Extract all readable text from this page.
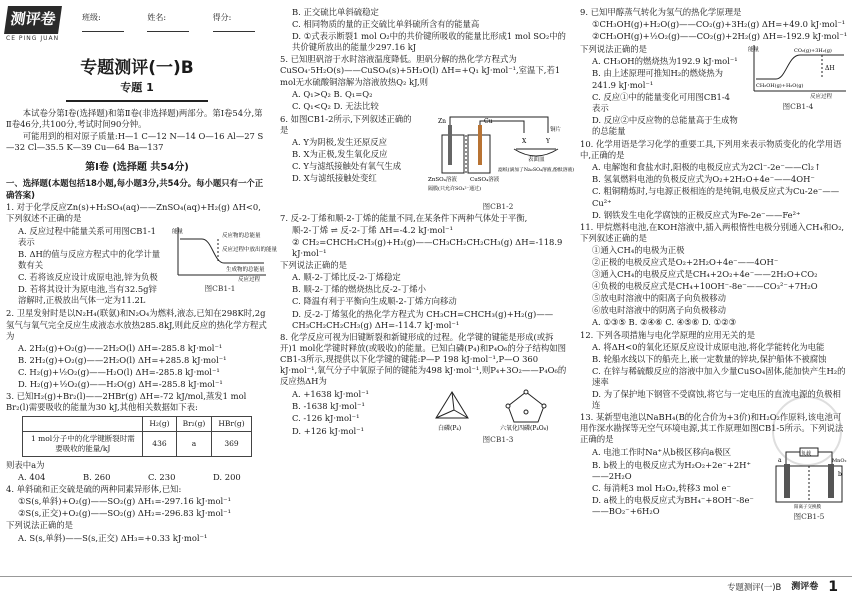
测评卷
CE PING JUAN
班级:	姓名:	得分:
专题测评(一)B
专题 1

本试卷分第Ⅰ卷(选择题)和第Ⅱ卷(非选择题)两部分。第Ⅰ卷54分,第Ⅱ卷46分,共100分,考试时间90分钟。

可能用到的相对原子质量:H—1 C—12 N—14 O—16 Al—27 S—32 Cl—35.5 K—39 Cu—64 Ba—137

第Ⅰ卷 (选择题 共54分)

一、选择题(本题包括18小题,每小题3分,共54分。每小题只有一个正确答案)

1. 对于化学反应Zn(s)+H₂SO₄(aq)——ZnSO₄(aq)+H₂(g) ΔH<0,下列叙述不正确的是

A. 反应过程中能量关系可用图CB1-1表示

B. ΔH的值与反应方程式中的化学计量数有关

C. 若将该反应设计成原电池,锌为负极

D. 若将其设计为原电池,当有32.5g锌溶解时,正极放出气体一定为11.2L

反应物的总能量
反应过程中放出的能量
生成物的总能量
能量
反应过程
图CB1-1

2. 卫星发射时是以N₂H₄(联氨)和N₂O₄为燃料,液态,已知在298K时,2g氢气与氧气完全反应生成液态水放热285.8kJ,则此反应的热化学方程式为

A. 2H₂(g)+O₂(g)——2H₂O(l) ΔH=-285.8 kJ·mol⁻¹

B. 2H₂(g)+O₂(g)——2H₂O(l) ΔH=+285.8 kJ·mol⁻¹

C. H₂(g)+½O₂(g)——H₂O(l) ΔH=-285.8 kJ·mol⁻¹

D. H₂(g)+½O₂(g)——H₂O(g) ΔH=-285.8 kJ·mol⁻¹

3. 已知H₂(g)+Br₂(l)——2HBr(g) ΔH=-72 kJ/mol,蒸发1 mol Br₂(l)需要吸收的能量为30 kJ,其他相关数据如下表:

	H₂(g)	Br₂(g)	HBr(g)
1 mol分子中的化学键断裂时需要吸收的能量/kJ	436	a	369

则表中a为

A. 404	B. 260	C. 230	D. 200

4. 单斜硫和正交硫是硫的两种同素异形体,已知:

①S(s,单斜)+O₂(g)——SO₂(g) ΔH₁=-297.16 kJ·mol⁻¹

②S(s,正交)+O₂(g)——SO₂(g) ΔH₂=-296.83 kJ·mol⁻¹

下列说法正确的是

A. S(s,单斜)——S(s,正交) ΔH₃=+0.33 kJ·mol⁻¹

B. 正交硫比单斜硫稳定

C. 相同物质的量的正交硫比单斜硫所含有的能量高

D. ①式表示断裂1 mol O₂中的共价键所吸收的能量比形成1 mol SO₂中的共价键所放出的能量少297.16 kJ

5. 已知胆矾溶于水时溶液温度降低。胆矾分解的热化学方程式为CuSO₄·5H₂O(s)——CuSO₄(s)+5H₂O(l) ΔH=+Q₁ kJ·mol⁻¹,室温下,若1 mol无水硫酸铜溶解为溶液放热Q₂ kJ,则

A. Q₁>Q₂ B. Q₁=Q₂

C. Q₁<Q₂ D. 无法比较

6. 如图CB1-2所示,下列叙述正确的是

A. Y为阴极,发生还原反应

B. X为正极,发生氧化反应

C. Y与滤纸接触处有氧气生成

D. X与滤纸接触处变红

X	Y
铜片
表面皿
Zn	Cu
ZnSO₄溶液 CuSO₄溶液
隔膜(只允许SO₄²⁻通过)
滤纸(滴加了Na₂SO₄溶液,酚酞溶液)
图CB1-2

7. 反-2-丁烯和顺-2-丁烯的能量不同,在某条件下两种气体处于平衡,

顺-2-丁烯 ⇌ 反-2-丁烯 ΔH=-4.2 kJ·mol⁻¹

② CH₂=CHCH₂CH₃(g)+H₂(g)——CH₃CH₂CH₂CH₃(g) ΔH=-118.9 kJ·mol⁻¹

下列说法正确的是

A. 顺-2-丁烯比反-2-丁烯稳定

B. 顺-2-丁烯的燃烧热比反-2-丁烯小

C. 降温有利于平衡向生成顺-2-丁烯方向移动

D. 反-2-丁烯氢化的热化学方程式为 CH₃CH=CHCH₃(g)+H₂(g)——CH₃CH₂CH₂CH₃(g) ΔH=-114.7 kJ·mol⁻¹

8. 化学反应可视为旧键断裂和新键形成的过程。化学键的键能是形成(或拆开)1 mol化学键时释放(或吸收)的能量。已知白磷(P₄)和P₄O₆的分子结构如图CB1-3所示,现提供以下化学键的键能:P—P 198 kJ·mol⁻¹,P—O 360 kJ·mol⁻¹,氧气分子中氧原子间的键能为498 kJ·mol⁻¹,则P₄+3O₂——P₄O₆的反应热ΔH为

A. +1638 kJ·mol⁻¹

B. -1638 kJ·mol⁻¹

C. -126 kJ·mol⁻¹

D. +126 kJ·mol⁻¹	白磷(P₄)	六氧化四磷(P₄O₆)
图CB1-3

9. 已知甲醇蒸气转化为氢气的热化学原理是

①CH₃OH(g)+H₂O(g)——CO₂(g)+3H₂(g) ΔH=+49.0 kJ·mol⁻¹

②CH₃OH(g)+½O₂(g)——CO₂(g)+2H₂(g) ΔH=-192.9 kJ·mol⁻¹

下列说法正确的是

A. CH₃OH的燃烧热为192.9 kJ·mol⁻¹

B. 由上述原理可推知H₂的燃烧热为241.9 kJ·mol⁻¹

C. 反应①中的能量变化可用图CB1-4表示

D. 反应②中反应物的总能量高于生成物的总能量

能量
反应过程
CH₃OH(g)+H₂O(g)
CO₂(g)+3H₂(g)
ΔH
图CB1-4

10. 化学用语是学习化学的重要工具,下列用来表示物质变化的化学用语中,正确的是

A. 电解饱和食盐水时,阳极的电极反应式为2Cl⁻-2e⁻——Cl₂↑

B. 氢氧燃料电池的负极反应式为O₂+2H₂O+4e⁻——4OH⁻

C. 粗铜精炼时,与电源正极相连的是纯铜,电极反应式为Cu-2e⁻——Cu²⁺

D. 钢铁发生电化学腐蚀的正极反应式为Fe-2e⁻——Fe²⁺

11. 甲烷燃料电池,在KOH溶液中,插入两根惰性电极分别通入CH₄和O₂,下列叙述正确的是

①通入CH₄的电极为正极

②正极的电极反应式是O₂+2H₂O+4e⁻——4OH⁻

③通入CH₄的电极反应式是CH₄+2O₂+4e⁻——2H₂O+CO₂

④负极的电极反应式是CH₄+10OH⁻-8e⁻——CO₃²⁻+7H₂O

⑤放电时溶液中的阳离子向负极移动

⑥放电时溶液中的阴离子向负极移动

A. ①③⑤ B. ②④⑥ C. ④⑤⑥ D. ①②③

12. 下列各项措施与电化学原理的应用无关的是

A. 将ΔH<0的氧化还原反应设计成原电池,将化学能转化为电能

B. 轮船水线以下的船壳上,嵌一定数量的锌块,保护船体不被腐蚀

C. 在锌与稀硫酸反应的溶液中加入少量CuSO₄固体,能加快产生H₂的速率

D. 为了保护地下钢管不受腐蚀,将它与一定电压的直流电源的负极相连

13. 某新型电池以NaBH₄(B的化合价为+3价)和H₂O₂作原料,该电池可用作深水勘探等无空气环境电源,其工作原理如图CB1-5所示。下列说法正确的是

A. 电池工作时Na⁺从b极区移向a极区

B. b极上的电极反应式为H₂O₂+2e⁻+2H⁺——2H₂O

C. 每消耗3 mol H₂O₂,转移3 mol e⁻

D. a极上的电极反应式为BH₄⁻+8OH⁻-8e⁻——BO₂⁻+6H₂O

负载
MnO₂
a
b
阳离子交换膜
图CB1-5
专题测评(一)B 测评卷 1
